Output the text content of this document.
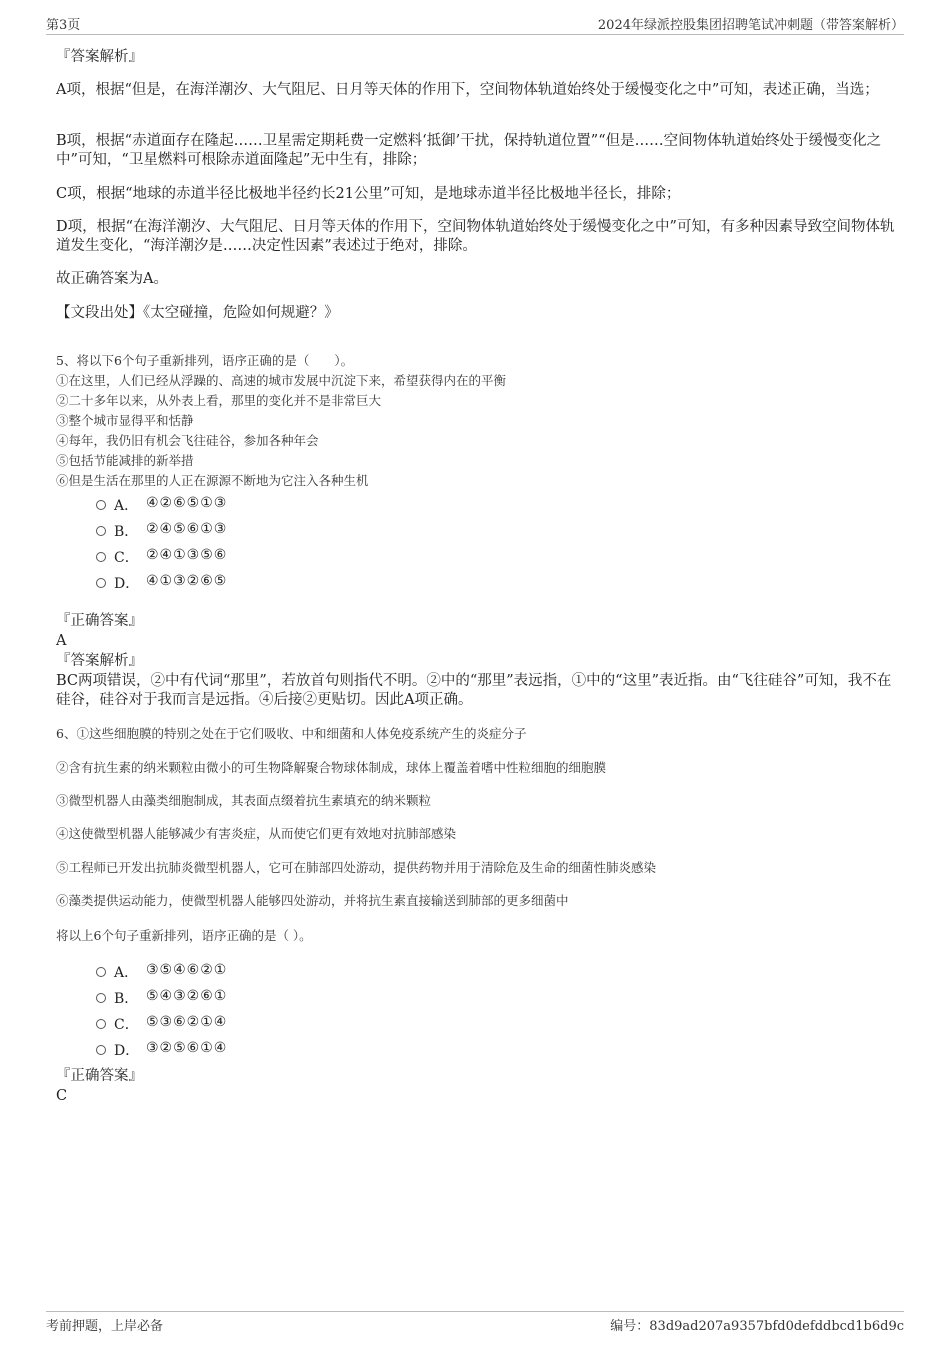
第3页	2024年绿派控股集团招聘笔试冲刺题（带答案解析）

『答案解析』

A项，根据“但是，在海洋潮汐、大气阻尼、日月等天体的作用下，空间物体轨道始终处于缓慢变化之中”可知，表述正确，当选；

B项，根据“赤道面存在隆起……卫星需定期耗费一定燃料‘抵御’干扰，保持轨道位置”“但是……空间物体轨道始终处于缓慢变化之中”可知，“卫星燃料可根除赤道面隆起”无中生有，排除；

C项，根据“地球的赤道半径比极地半径约长21公里”可知，是地球赤道半径比极地半径长，排除；

D项，根据“在海洋潮汐、大气阻尼、日月等天体的作用下，空间物体轨道始终处于缓慢变化之中”可知，有多种因素导致空间物体轨道发生变化，“海洋潮汐是……决定性因素”表述过于绝对，排除。

故正确答案为A。

【文段出处】《太空碰撞，危险如何规避？》

5、将以下6个句子重新排列，语序正确的是（　　）。

①在这里，人们已经从浮躁的、高速的城市发展中沉淀下来，希望获得内在的平衡

②二十多年以来，从外表上看，那里的变化并不是非常巨大

③整个城市显得平和恬静

④每年，我仍旧有机会飞往硅谷，参加各种年会

⑤包括节能减排的新举措

⑥但是生活在那里的人正在源源不断地为它注入各种生机

A． ④②⑥⑤①③
B． ②④⑤⑥①③
C． ②④①③⑤⑥
D． ④①③②⑥⑤

『正确答案』

A

『答案解析』

BC两项错误，②中有代词“那里”，若放首句则指代不明。②中的“那里”表远指，①中的“这里”表近指。由“飞往硅谷”可知，我不在硅谷，硅谷对于我而言是远指。④后接②更贴切。因此A项正确。

6、①这些细胞膜的特别之处在于它们吸收、中和细菌和人体免疫系统产生的炎症分子

②含有抗生素的纳米颗粒由微小的可生物降解聚合物球体制成，球体上覆盖着嗜中性粒细胞的细胞膜

③微型机器人由藻类细胞制成，其表面点缀着抗生素填充的纳米颗粒

④这使微型机器人能够减少有害炎症，从而使它们更有效地对抗肺部感染

⑤工程师已开发出抗肺炎微型机器人，它可在肺部四处游动，提供药物并用于清除危及生命的细菌性肺炎感染

⑥藻类提供运动能力，使微型机器人能够四处游动，并将抗生素直接输送到肺部的更多细菌中

将以上6个句子重新排列，语序正确的是（ ）。

A． ③⑤④⑥②①
B． ⑤④③②⑥①
C． ⑤③⑥②①④
D． ③②⑤⑥①④

『正确答案』

C

考前押题，上岸必备	编号：83d9ad207a9357bfd0defddbcd1b6d9c
